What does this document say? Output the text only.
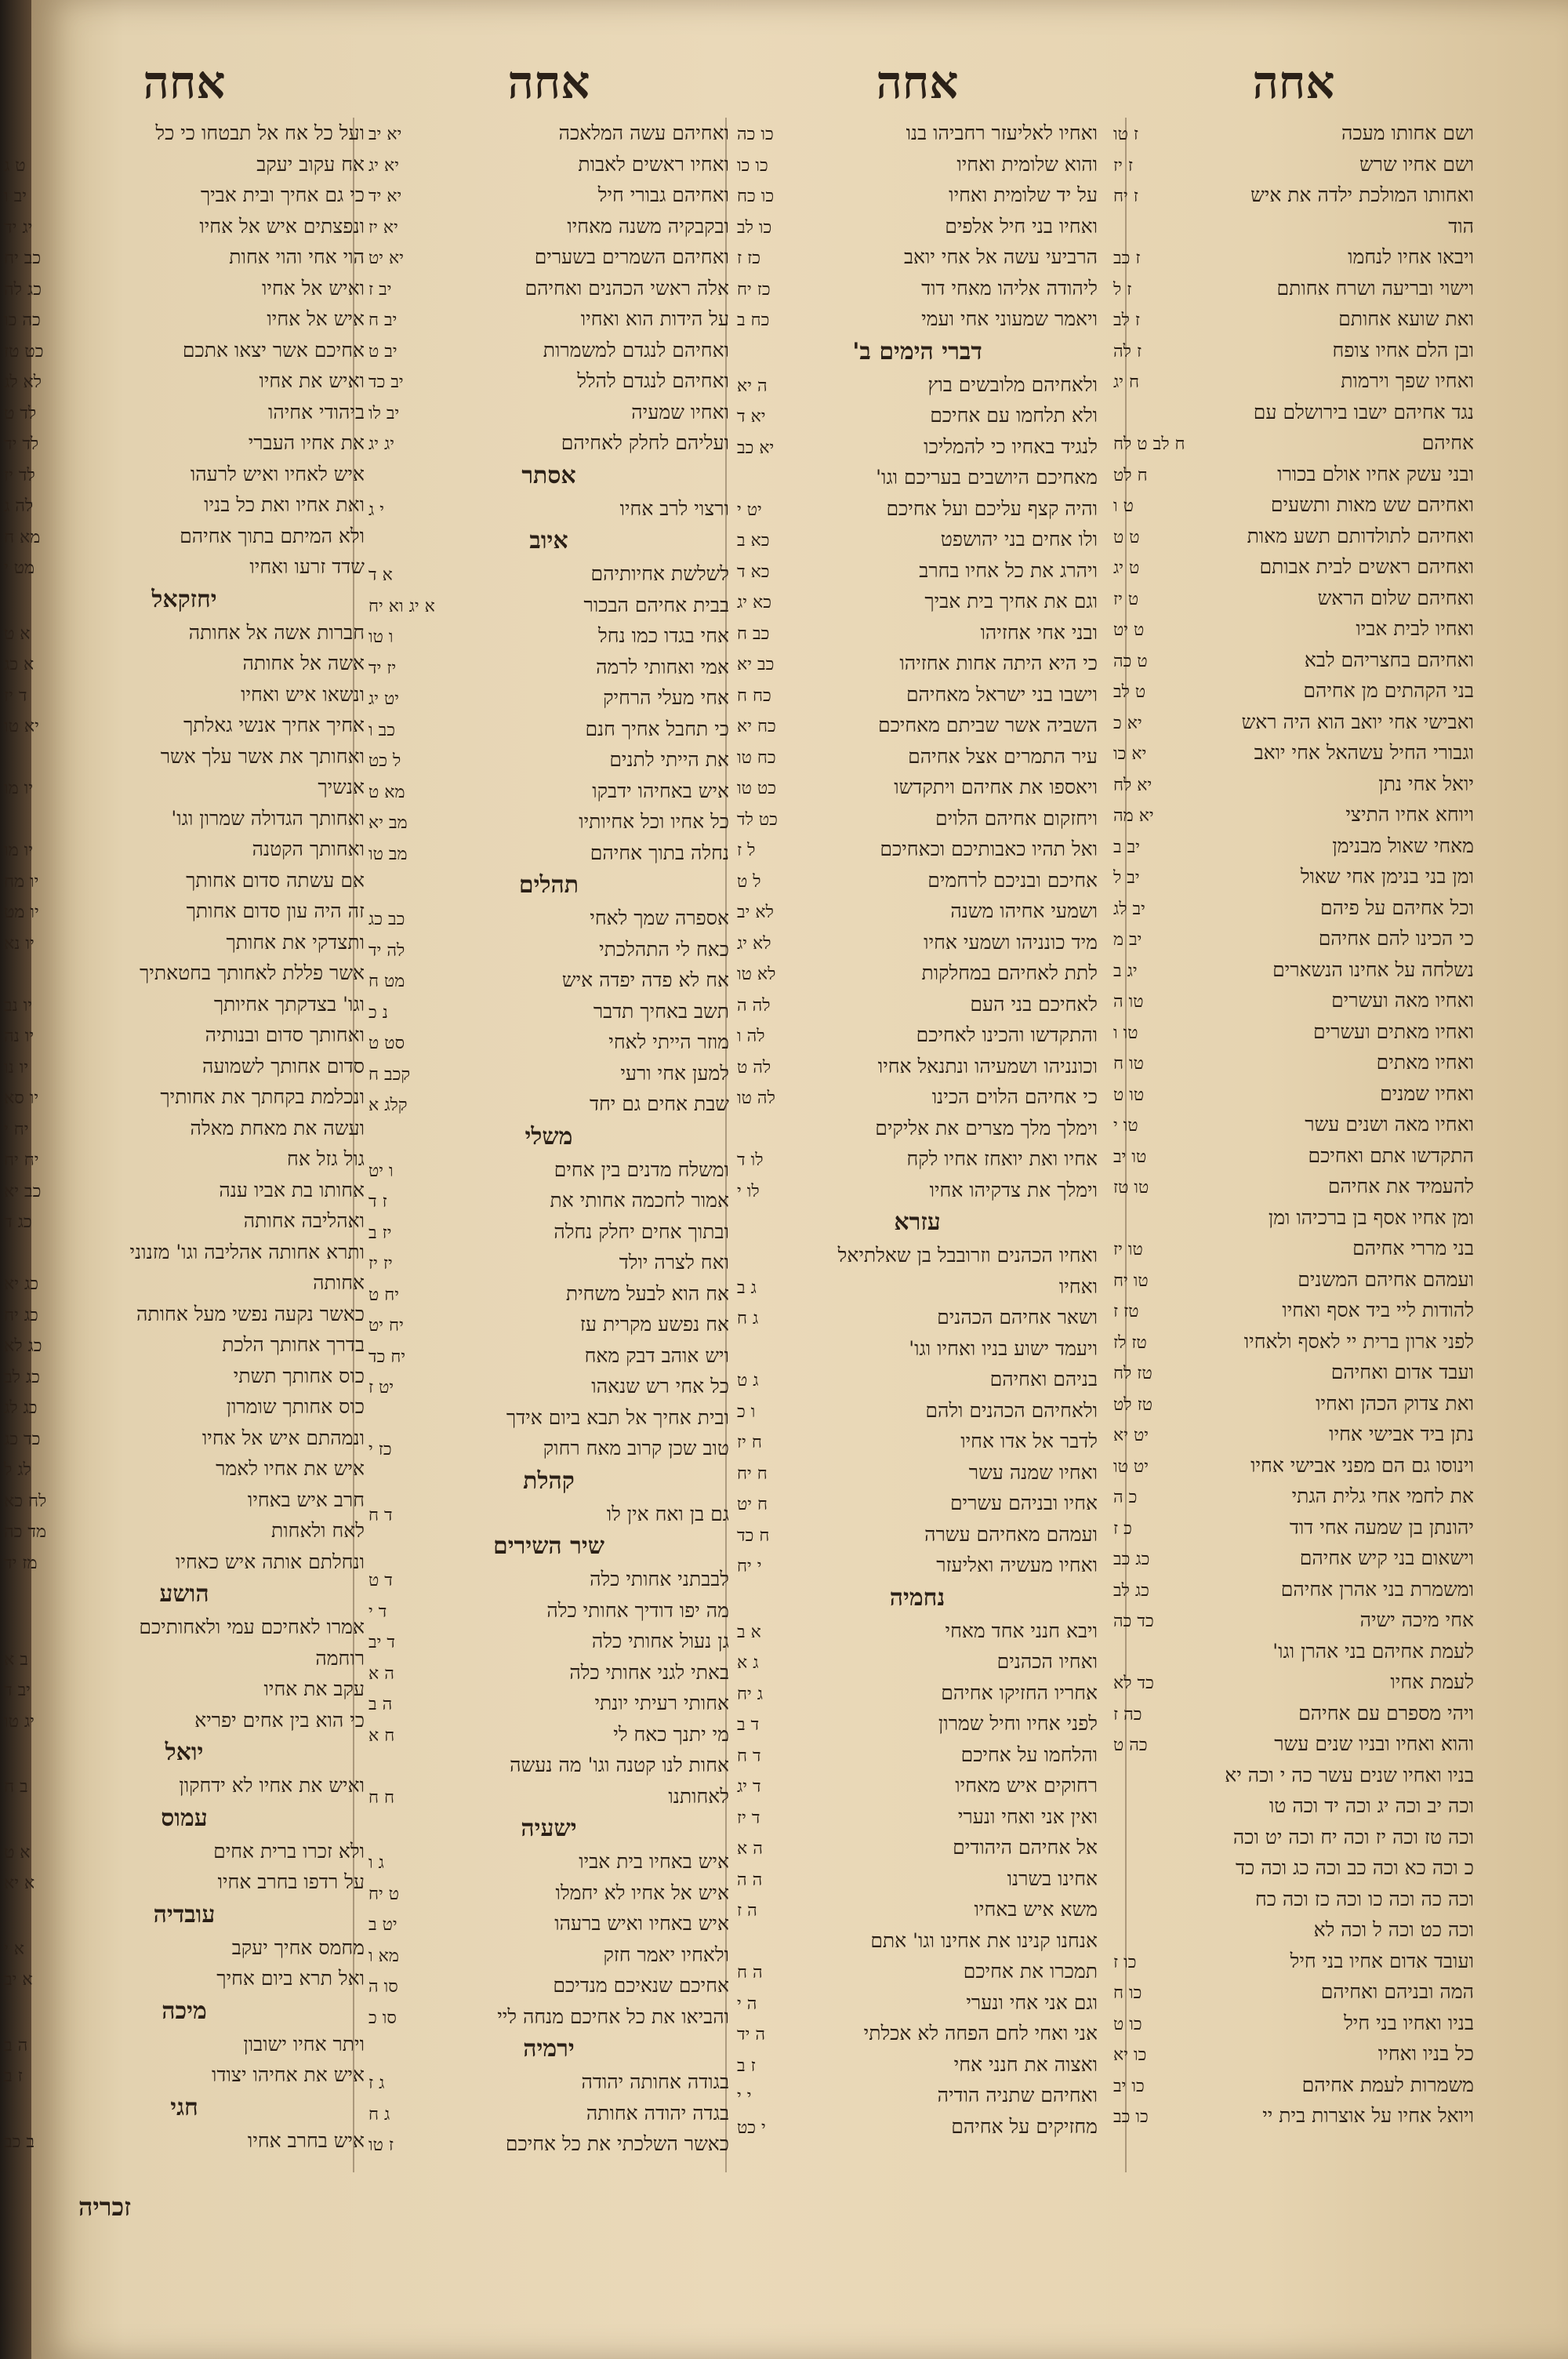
אחה
ושם אחותו מעכה
ז טו
ושם אחיו שרש
ז יז
ואחותו המולכת ילדה את איש
ז יח
הוד
ויבאו אחיו לנחמו
ז כב
וישוי ובריעה ושרח אחותם
ז ל
ואת שועא אחותם
ז לב
ובן הלם אחיו צופח
ז לה
ואחיו שפך וירמות
ח יג
נגד אחיהם ישבו בירושלם עם
אחיהם
ח לב ט לח
ובני עשק אחיו אולם בכורו
ח לט
ואחיהם שש מאות ותשעים
ט ו
ואחיהם לתולדותם תשע מאות
ט ט
ואחיהם ראשים לבית אבותם
ט יג
ואחיהם שלום הראש
ט יז
ואחיו לבית אביו
ט יט
ואחיהם בחצריהם לבא
ט כה
בני הקהתים מן אחיהם
ט לב
ואבישי אחי יואב הוא היה ראש
יא כ
וגבורי החיל עשהאל אחי יואב
יא כו
יואל אחי נתן
יא לח
ויוחא אחיו התיצי
יא מה
מאחי שאול מבנימן
יב ב
ומן בני בנימן אחי שאול
יב ל
וכל אחיהם על פיהם
יב לג
כי הכינו להם אחיהם
יב מ
נשלחה על אחינו הנשארים
יג ב
ואחיו מאה ועשרים
טו ה
ואחיו מאתים ועשרים
טו ו
ואחיו מאתים
טו ח
ואחיו שמנים
טו ט
ואחיו מאה ושנים עשר
טו י
התקדשו אתם ואחיכם
טו יב
להעמיד את אחיהם
טו טז
ומן אחיו אסף בן ברכיהו ומן
בני מררי אחיהם
טו יז
ועמהם אחיהם המשנים
טו יח
להודות ליי ביד אסף ואחיו
טז ז
לפני ארון ברית יי לאסף ולאחיו
טז לז
ועבד אדום ואחיהם
טז לח
ואת צדוק הכהן ואחיו
טז לט
נתן ביד אבישי אחיו
יט יא
וינוסו גם הם מפני אבישי אחיו
יט טו
את לחמי אחי גלית הגתי
כ ה
יהונתן בן שמעה אחי דוד
כ ז
וישאום בני קיש אחיהם
כג כב
ומשמרת בני אהרן אחיהם
כג לב
אחי מיכה ישיה
כד כה
לעמת אחיהם בני אהרן וגו'
לעמת אחיו
כד לא
ויהי מספרם עם אחיהם
כה ז
והוא ואחיו ובניו שנים עשר
כה ט
בניו ואחיו שנים עשר כה י וכה יא
וכה יב וכה יג וכה יד וכה טו
וכה טז וכה יז וכה יח וכה יט וכה
כ וכה כא וכה כב וכה כג וכה כד
וכה כה וכה כו וכה כז וכה כח
וכה כט וכה ל וכה לא
ועובד אדום אחיו בני חיל
כו ז
המה ובניהם ואחיהם
כו ח
בניו ואחיו בני חיל
כו ט
כל בניו ואחיו
כו יא
משמרות לעמת אחיהם
כו יב
ויואל אחיו על אוצרות בית יי
כו כב
אחה
ואחיו לאליעזר רחביהו בנו
כו כה
והוא שלומית ואחיו
כו כו
על יד שלומית ואחיו
כו כח
ואחיו בני חיל אלפים
כו לב
הרביעי עשה אל אחי יואב
כז ז
ליהודה אליהו מאחי דוד
כז יח
ויאמר שמעוני אחי ועמי
כח ב
דברי הימים ב'
ולאחיהם מלובשים בוץ
ה יא
ולא תלחמו עם אחיכם
יא ד
לנגיד באחיו כי להמליכו
יא כב
מאחיכם היושבים בעריכם וגו'
והיה קצף עליכם ועל אחיכם
יט י
ולו אחים בני יהושפט
כא ב
ויהרג את כל אחיו בחרב
כא ד
וגם את אחיך בית אביך
כא יג
ובני אחי אחזיהו
כב ח
כי היא היתה אחות אחזיהו
כב יא
וישבו בני ישראל מאחיהם
כח ח
השביה אשר שביתם מאחיכם
כח יא
עיר התמרים אצל אחיהם
כח טו
ויאספו את אחיהם ויתקדשו
כט טו
ויחזקום אחיהם הלוים
כט לד
ואל תהיו כאבותיכם וכאחיכם
ל ז
אחיכם ובניכם לרחמים
ל ט
ושמעי אחיהו משנה
לא יב
מיד כונניהו ושמעי אחיו
לא יג
לתת לאחיהם במחלקות
לא טו
לאחיכם בני העם
לה ה
והתקדשו והכינו לאחיכם
לה ו
וכונניהו ושמעיהו ונתנאל אחיו
לה ט
כי אחיהם הלוים הכינו
לה טו
וימלך מלך מצרים את אליקים
אחיו ואת יואחז אחיו לקח
לו ד
וימלך את צדקיהו אחיו
לו י
עזרא
ואחיו הכהנים וזרובבל בן שאלתיאל
ואחיו
ג ב
ושאר אחיהם הכהנים
ג ח
ויעמד ישוע בניו ואחיו וגו'
בניהם ואחיהם
ג ט
ולאחיהם הכהנים ולהם
ו כ
לדבר אל אדו אחיו
ח יז
ואחיו שמנה עשר
ח יח
אחיו ובניהם עשרים
ח יט
ועמהם מאחיהם עשרה
ח כד
ואחיו מעשיה ואליעזר
י יח
נחמיה
ויבא חנני אחד מאחי
א ב
ואחיו הכהנים
ג א
אחריו החזיקו אחיהם
ג יח
לפני אחיו וחיל שמרון
ד ב
והלחמו על אחיכם
ד ח
רחוקים איש מאחיו
ד יג
ואין אני ואחי ונערי
ד יז
אל אחיהם היהודים
ה א
אחינו בשרנו
ה ה
משא איש באחיו
ה ז
אנחנו קנינו את אחינו וגו' אתם
תמכרו את אחיכם
ה ח
וגם אני אחי ונערי
ה י
אני ואחי לחם הפחה לא אכלתי
ה יד
ואצוה את חנני אחי
ז ב
ואחיהם שתניה הודיה
י י
מחזיקים על אחיהם
י כט
אחה
ואחיהם עשה המלאכה
יא יב
ואחיו ראשים לאבות
יא יג
ואחיהם גבורי חיל
יא יד
ובקבקיה משנה מאחיו
יא יז
ואחיהם השמרים בשערים
יא יט
אלה ראשי הכהנים ואחיהם
יב ז
על הידות הוא ואחיו
יב ח
ואחיהם לנגדם למשמרות
יב ט
ואחיהם לנגדם להלל
יב כד
ואחיו שמעיה
יב לו
ועליהם לחלק לאחיהם
יג יג
אסתר
ורצוי לרב אחיו
י ג
איוב
לשלשת אחיותיהם
א ד
בבית אחיהם הבכור
א יג וא יח
אחי בגדו כמו נחל
ו טו
אמי ואחותי לרמה
יז יד
אחי מעלי הרחיק
יט יג
כי תחבל אחיך חנם
כב ו
את הייתי לתנים
ל כט
איש באחיהו ידבקו
מא ט
כל אחיו וכל אחיותיו
מב יא
נחלה בתוך אחיהם
מב טו
תהלים
אספרה שמך לאחי
כב כג
כאח לי התהלכתי
לה יד
אח לא פדה יפדה איש
מט ח
תשב באחיך תדבר
נ כ
מוזר הייתי לאחי
סט ט
למען אחי ורעי
קכב ח
שבת אחים גם יחד
קלג א
משלי
ומשלח מדנים בין אחים
ו יט
אמור לחכמה אחותי את
ז ד
ובתוך אחים יחלק נחלה
יז ב
ואח לצרה יולד
יז יז
אח הוא לבעל משחית
יח ט
אח נפשע מקרית עז
יח יט
ויש אוהב דבק מאח
יח כד
כל אחי רש שנאהו
יט ז
ובית אחיך אל תבא ביום אידך
טוב שכן קרוב מאח רחוק
כז י
קהלת
גם בן ואח אין לו
ד ח
שיר השירים
לבבתני אחותי כלה
ד ט
מה יפו דודיך אחותי כלה
ד י
גן נעול אחותי כלה
ד יב
באתי לגני אחותי כלה
ה א
אחותי רעיתי יונתי
ה ב
מי יתנך כאח לי
ח א
אחות לנו קטנה וגו' מה נעשה
לאחותנו
ח ח
ישעיה
איש באחיו בית אביו
ג ו
איש אל אחיו לא יחמלו
ט יח
איש באחיו ואיש ברעהו
יט ב
ולאחיו יאמר חזק
מא ו
אחיכם שנאיכם מנדיכם
סו ה
והביאו את כל אחיכם מנחה ליי
סו כ
ירמיה
בגודה אחותה יהודה
ג ז
בגדה יהודה אחותה
ג ח
כאשר השלכתי את כל אחיכם
ז טו
אחה
ועל כל אח אל תבטחו כי כל
אח עקוב יעקב
ט ג
כי גם אחיך ובית אביך
יב ו
ונפצתים איש אל אחיו
יג יד
הוי אחי והוי אחות
כב יח
ואיש אל אחיו
כג לה
איש אל אחיו
כה כו
אחיכם אשר יצאו אתכם
כט טז
ואיש את אחיו
לא לג
ביהודי אחיהו
לד ט
את אחיו העברי
לד יד
איש לאחיו ואיש לרעהו
לד יז
ואת אחיו ואת כל בניו
לה ג
ולא המיתם בתוך אחיהם
מא ח
שדד זרעו ואחיו
מט י
יחזקאל
חברות אשה אל אחותה
א ט
אשה אל אחותה
א כג
ונשאו איש ואחיו
ד יז
אחיך אחיך אנשי גאלתך
יא טו
ואחותך את אשר עלך אשר
אנשיך
יו מו
ואחותך הגדולה שמרון וגו'
ואחותך הקטנה
יו מו
אם עשתה סדום אחותך
יו מח
זה היה עון סדום אחותך
יו מט
ותצדקי את אחותך
יו נא
אשר פללת לאחותך בחטאתיך
וגו' בצדקתך אחיותך
יו נב
ואחותך סדום ובנותיה
יו נה
סדום אחותך לשמועה
יו נו
ונכלמת בקחתך את אחותיך
יו סא
ועשה את מאחת מאלה
יח י
גול גזל אח
יח יח
אחותו בת אביו ענה
כב יא
ואהליבה אחותה
כג ד
ותרא אחותה אהליבה וגו' מזנוני
אחותה
כג יא
כאשר נקעה נפשי מעל אחותה
כג יח
בדרך אחותך הלכת
כג לא
כוס אחותך תשתי
כג לב
כוס אחותך שומרון
כג לג
ונמהתם איש אל אחיו
כד כג
איש את אחיו לאמר
לג ל
חרב איש באחיו
לח כא
לאח ולאחות
מד כה
ונחלתם אותה איש כאחיו
מז יד
הושע
אמרו לאחיכם עמי ולאחותיכם
רוחמה
ב א
עקב את אחיו
יב ד
כי הוא בין אחים יפריא
יג טו
יואל
ואיש את אחיו לא ידחקון
ב ח
עמוס
ולא זכרו ברית אחים
א ט
על רדפו בחרב אחיו
א יא
עובדיה
מחמס אחיך יעקב
א י
ואל תרא ביום אחיך
א יב
מיכה
ויתר אחיו ישובון
ה ב
איש את אחיהו יצודו
ז ב
חגי
איש בחרב אחיו
ב כב
זכריה
